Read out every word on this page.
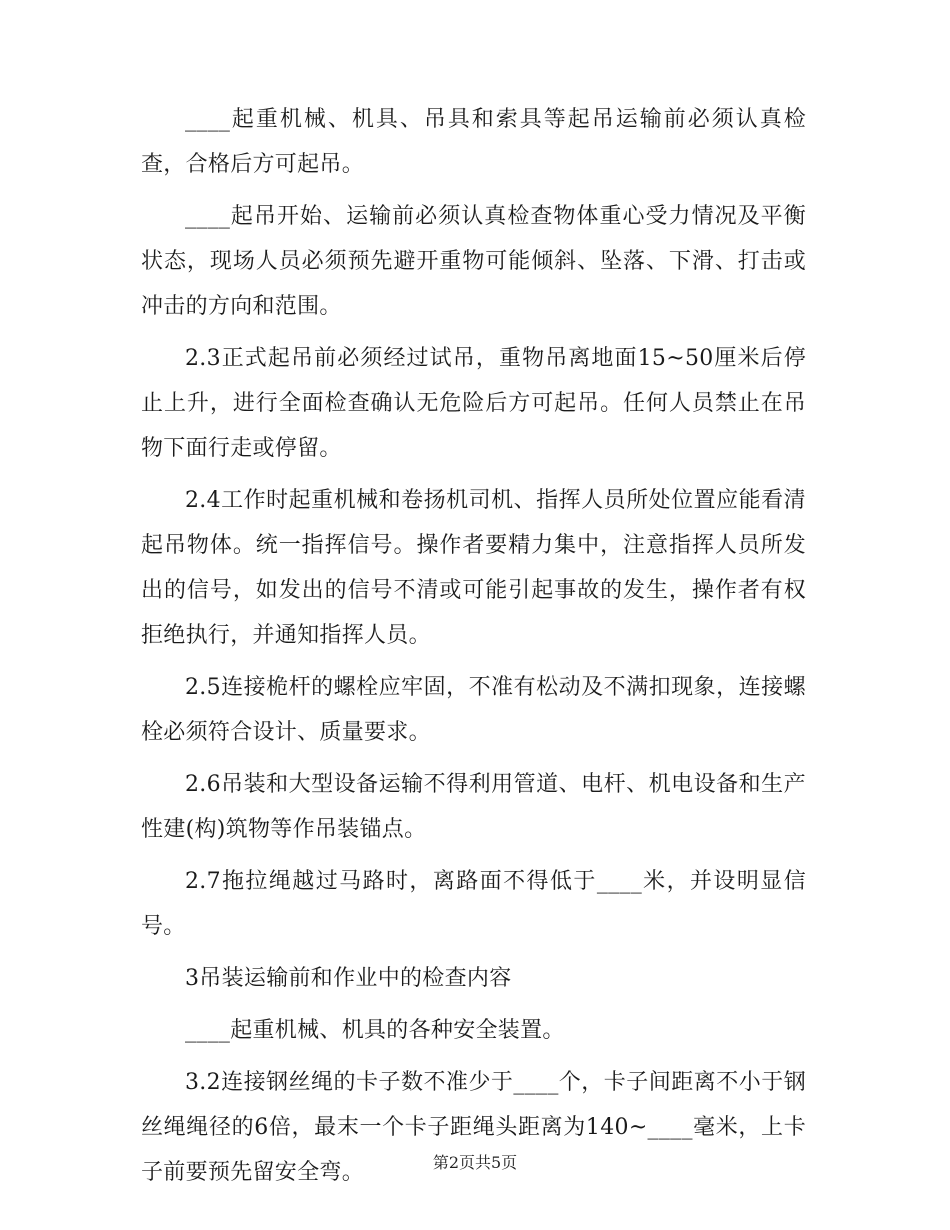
____起重机械、机具、吊具和索具等起吊运输前必须认真检查，合格后方可起吊。

____起吊开始、运输前必须认真检查物体重心受力情况及平衡状态，现场人员必须预先避开重物可能倾斜、坠落、下滑、打击或冲击的方向和范围。

2.3正式起吊前必须经过试吊，重物吊离地面15~50厘米后停止上升，进行全面检查确认无危险后方可起吊。任何人员禁止在吊物下面行走或停留。

2.4工作时起重机械和卷扬机司机、指挥人员所处位置应能看清起吊物体。统一指挥信号。操作者要精力集中，注意指挥人员所发出的信号，如发出的信号不清或可能引起事故的发生，操作者有权拒绝执行，并通知指挥人员。

2.5连接桅杆的螺栓应牢固，不准有松动及不满扣现象，连接螺栓必须符合设计、质量要求。

2.6吊装和大型设备运输不得利用管道、电杆、机电设备和生产性建(构)筑物等作吊装锚点。

2.7拖拉绳越过马路时，离路面不得低于____米，并设明显信号。

3吊装运输前和作业中的检查内容

____起重机械、机具的各种安全装置。

3.2连接钢丝绳的卡子数不准少于____个，卡子间距离不小于钢丝绳绳径的6倍，最末一个卡子距绳头距离为140~____毫米，上卡子前要预先留安全弯。	第2页共5页
